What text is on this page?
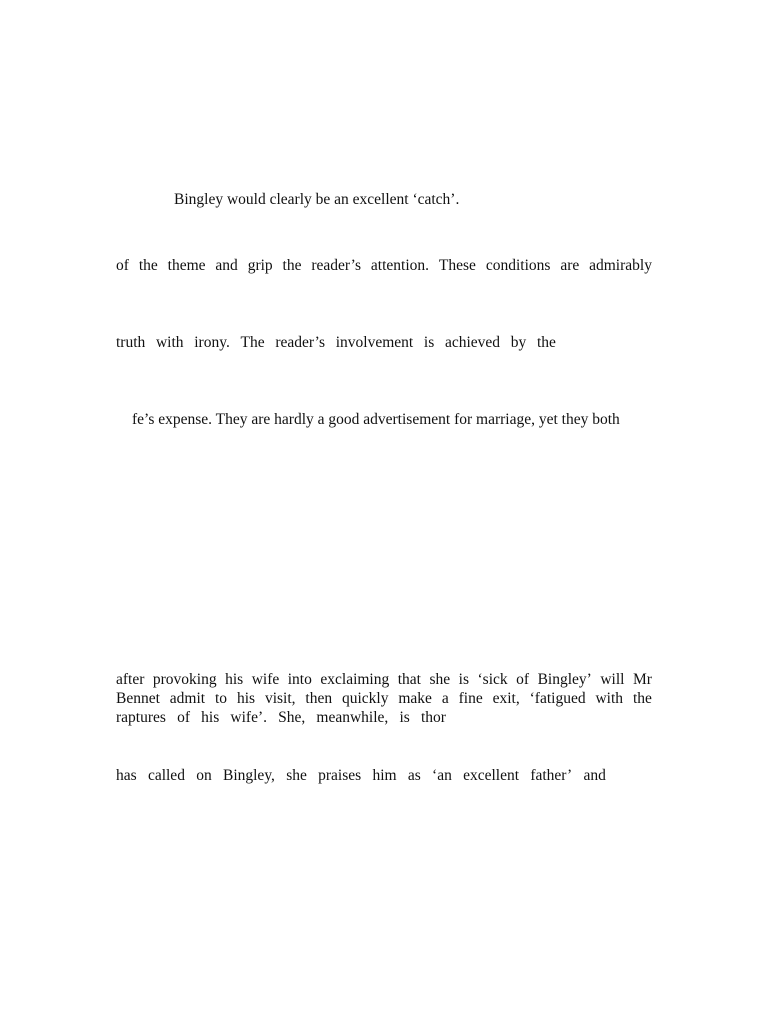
Bingley would clearly be an excellent ‘catch’.

of the theme and grip the reader’s attention. These conditions are admirably

truth with irony. The reader’s involvement is achieved by the

fe’s expense. They are hardly a good advertisement for marriage, yet they both

after provoking his wife into exclaiming that she is ‘sick of Bingley’ will Mr

Bennet admit to his visit, then quickly make a fine exit, ‘fatigued with the

raptures of his wife’. She, meanwhile, is thor

has called on Bingley, she praises him as ‘an excellent father’ and
